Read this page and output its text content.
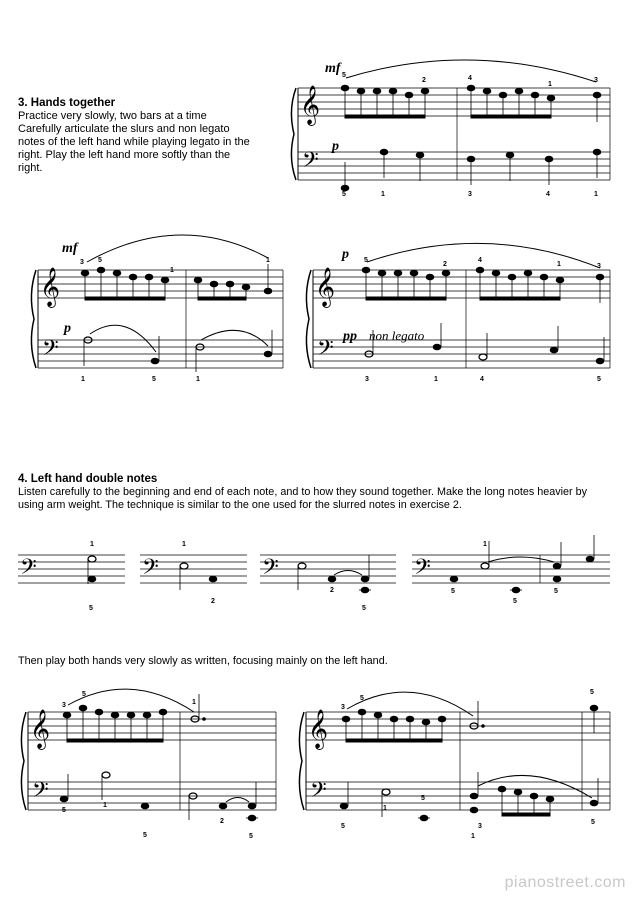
3. Hands together
Practice very slowly, two bars at a time
Carefully articulate the slurs and non legato
notes of the left hand while playing legato in the
right. Play the left hand more softly than the
right.
4. Left hand double notes
Listen carefully to the beginning and end of each note, and to how they sound together. Make the long notes heavier by
using arm weight. The technique is similar to the one used for the slurred notes in exercise 2.
Then play both hands very slowly as written, focusing mainly on the left hand.
pianostreet.com
𝄞
𝄢
mf
p
5
2	4
1
3
5	1	3	4	1
𝄞
𝄢
mf
p
3 5
1
1
1	5	1
𝄞
𝄢
p
pp non legato
5
2
4
1	3
3	1	4	5
𝄢	𝄢	𝄢	𝄢
1
5
1
2
2
5
1
5
5
5
𝄞
𝄢
3
5
1
5
1
2
5	5
𝄞
𝄢
3
5
5
5
1
5
1
3
5
